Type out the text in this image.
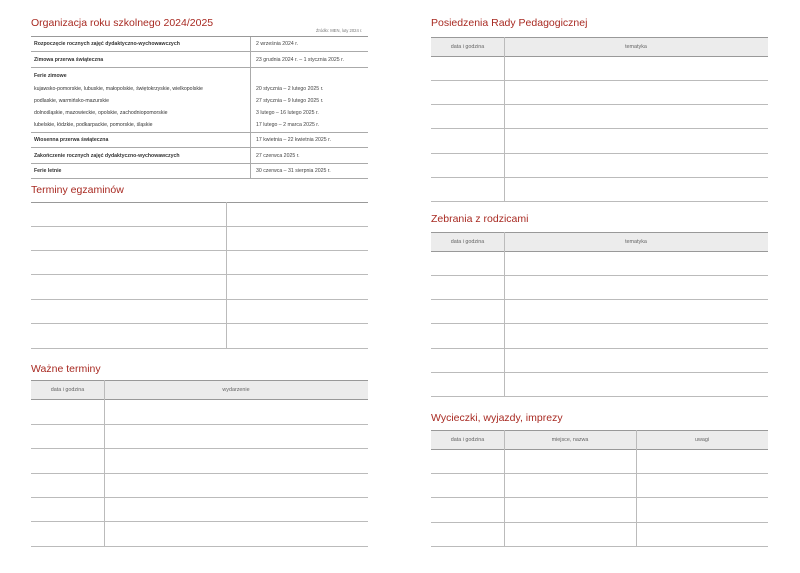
Organizacja roku szkolnego 2024/2025
Źródło: MEN, luty 2024 r.
Rozpoczęcie rocznych zajęć dydaktyczno-wychowawczych	2 września 2024 r.
Zimowa przerwa świąteczna	23 grudnia 2024 r. – 1 stycznia 2025 r.
Ferie zimowe
kujawsko-pomorskie, lubuskie, małopolskie, świętokrzyskie, wielkopolskie	20 stycznia – 2 lutego 2025 r.
podlaskie, warmińsko-mazurskie	27 stycznia – 9 lutego 2025 r.
dolnośląskie, mazowieckie, opolskie, zachodniopomorskie	3 lutego – 16 lutego 2025 r.
lubelskie, łódzkie, podkarpackie, pomorskie, śląskie	17 lutego – 2 marca 2025 r.
Wiosenna przerwa świąteczna	17 kwietnia – 22 kwietnia 2025 r.
Zakończenie rocznych zajęć dydaktyczno-wychowawczych	27 czerwca 2025 r.
Ferie letnie	30 czerwca – 31 sierpnia 2025 r.
Terminy egzaminów
Ważne terminy
data i godzina	wydarzenie
Posiedzenia Rady Pedagogicznej
data i godzina	tematyka
Zebrania z rodzicami
data i godzina	tematyka
Wycieczki, wyjazdy, imprezy
data i godzina	miejsce, nazwa	uwagi
